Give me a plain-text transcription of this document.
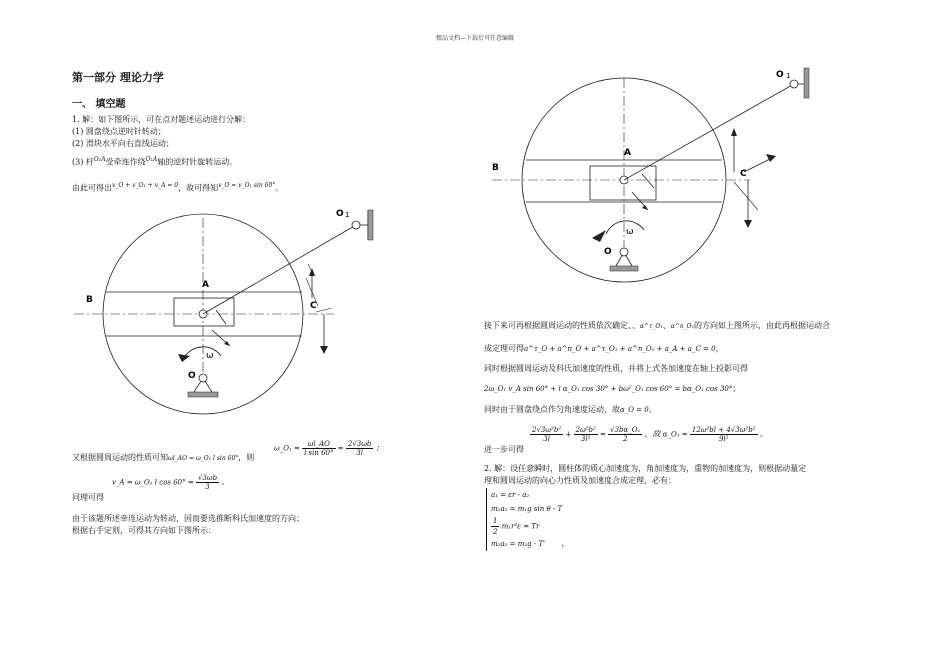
精品文档---下载后可任意编辑
第一部分 理论力学
一、 填空题
1. 解：如下图所示，可在点对题述运动进行分解：
(1) 圆盘绕点逆时针转动；
(2) 滑块水平向右直线运动；
(3) 杆$^{O_1A}$受牵连作绕$^{O_1A}$轴的逆时针旋转运动。
由此可得出$^{v\_O + v\_O_1 + v\_A = 0}$，故可得知$^{v\_O = v\_O_1 sin 60^\circ}$。
O 1
A
B
C
O
ω
又根据圆周运动的性质可知ωl_AO = ω_O₁ l sin 60°，则
ω_O₁ = $\frac{\omega l\_AO}{\text{l sin 60°}} = \frac{2√3\omega b}{3l}$ ；
同理可得
v_A = ω_O₁ l $\cos 60^\circ = \frac{√3\omega b}{3}$ 。
由于该题所述牵连运动为转动，因而要选推断科氏加速度的方向；
根据右手定则，可得其方向如下图所示：
O 1
A
B
C
O
ω
接下来可再根据圆周运动的性质依次确定、、α^τ_O₁、α^n_O₁的方向如上图所示，由此再根据运动合
成定理可得a^τ_O + a^n_O + a^τ_O₁ + a^n_O₁ + a_A + a_C = 0，
同时根据圆周运动及科氏加速度的性质，并将上式各加速度在轴上投影可得
2ω_O₁ v_A sin 60° + l α_O₁ cos 30° + bω²_O₁ cos 60° = bα_O₁ cos 30°；
同时由于圆盘绕点作匀角速度运动，故α_O = 0。
进一步可得
$\frac{\text{2√3ω²b²}}{3l} + \frac{\text{2ω²b²}}{\text{3l²}} = \frac{\text{√3bα\_O₁}}{2}$ ，故 α_O₁ = $\frac{\text{12ω²bl + 4√3ω²b²}}{\text{9l²}}$ 。
2. 解：设任意瞬时，圆柱体的质心加速度为，角加速度为，重物的加速度为，则根据动量定
理和圆周运动的向心力性质及加速度合成定理，必有：
a₁ = εr - a₂
m₁a₁ = m₁g sin θ - T
$\frac{1}{2} m_1r^2\varepsilon = Tr$
m₂a₂ = m₂g - T' ，
